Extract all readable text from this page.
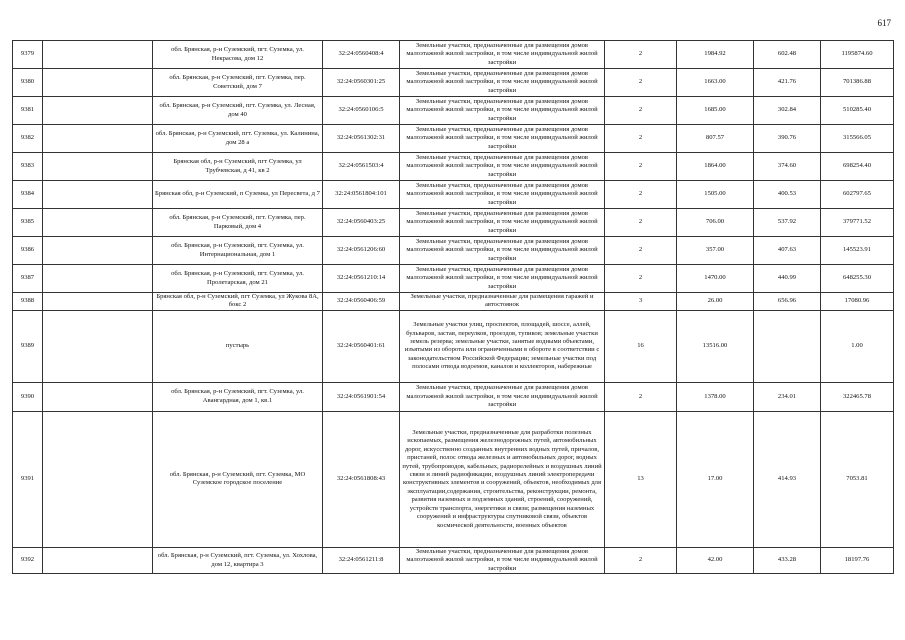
617
9379		обл. Брянская, р-н Суземский, пгт. Суземка, ул. Некрасова, дом 12	32:24:0560408:4	Земельные участки, предназначенные для размещения домов малоэтажной жилой застройки, в том числе индивидуальной жилой застройки	2	1984.92	602.48	1195874.60
9380		обл. Брянская, р-н Суземский, пгт. Суземка, пер. Советский, дом 7	32:24:0560301:25	Земельные участки, предназначенные для размещения домов малоэтажной жилой застройки, в том числе индивидуальной жилой застройки	2	1663.00	421.76	701386.88
9381		обл. Брянская, р-н Суземский, пгт. Суземка, ул. Лесная, дом 40	32:24:0560106:5	Земельные участки, предназначенные для размещения домов малоэтажной жилой застройки, в том числе индивидуальной жилой застройки	2	1685.00	302.84	510285.40
9382		обл. Брянская, р-н Суземский, пгт. Суземка, ул. Калинина, дом 28 а	32:24:0561302:31	Земельные участки, предназначенные для размещения домов малоэтажной жилой застройки, в том числе индивидуальной жилой застройки	2	807.57	390.76	315566.05
9383		Брянская обл, р-н Суземский, пгт Суземка, ул Трубчевская, д 41, кв 2	32:24:0561503:4	Земельные участки, предназначенные для размещения домов малоэтажной жилой застройки, в том числе индивидуальной жилой застройки	2	1864.00	374.60	698254.40
9384		Брянская обл, р-н Суземский, п Суземка, ул Пересвета, д 7	32:24:0561804:101	Земельные участки, предназначенные для размещения домов малоэтажной жилой застройки, в том числе индивидуальной жилой застройки	2	1505.00	400.53	602797.65
9385		обл. Брянская, р-н Суземский, пгт. Суземка, пер. Парковый, дом 4	32:24:0560403:25	Земельные участки, предназначенные для размещения домов малоэтажной жилой застройки, в том числе индивидуальной жилой застройки	2	706.00	537.92	379771.52
9386		обл. Брянская, р-н Суземский, пгт. Суземка, ул. Интернациональная, дом 1	32:24:0561206:60	Земельные участки, предназначенные для размещения домов малоэтажной жилой застройки, в том числе индивидуальной жилой застройки	2	357.00	407.63	145523.91
9387		обл. Брянская, р-н Суземский, пгт. Суземка, ул. Пролетарская, дом 21	32:24:0561210:14	Земельные участки, предназначенные для размещения домов малоэтажной жилой застройки, в том числе индивидуальной жилой застройки	2	1470.00	440.99	648255.30
9388		Брянская обл, р-н Суземский, пгт Суземка, ул Жукова 8А, бокс 2	32:24:0560406:59	Земельные участки, предназначенные для размещения гаражей и автостоянок	3	26.00	656.96	17080.96
9389		пустырь	32:24:0560401:61	Земельные участки улиц, проспектов, площадей, шоссе, аллей, бульваров, застав, переулков, проездов, тупиков; земельные участки земель резерва; земельные участки, занятые водными объектами, изъятыми из оборота или ограниченными в обороте в соответствии с законодательством Российской Федерации; земельные участки под полосами отвода водоемов, каналов и коллекторов, набережные	16	13516.00		1.00
9390		обл. Брянская, р-н Суземский, пгт. Суземка, ул. Авангардная, дом 1, кв.1	32:24:0561901:54	Земельные участки, предназначенные для размещения домов малоэтажной жилой застройки, в том числе индивидуальной жилой застройки	2	1378.00	234.01	322465.78
9391		обл. Брянская, р-н Суземский, пгт. Суземка, МО Суземское городское поселение	32:24:0561808:43	Земельные участки, предназначенные для разработки полезных ископаемых, размещения железнодорожных путей, автомобильных дорог, искусственно созданных внутренних водных путей, причалов, пристаней, полос отвода железных и автомобильных дорог, водных путей, трубопроводов, кабельных, радиорелейных и воздушных линий связи и линий радиофикации, воздушных линий электропередачи конструктивных элементов и сооружений, объектов, необходимых для эксплуатации,содержания, строительства, реконструкции, ремонта, развития наземных и подземных зданий, строений, сооружений, устройств транспорта, энергетики и связи; размещения наземных сооружений и инфраструктуры спутниковой связи, объектов космической деятельности, военных объектов	13	17.00	414.93	7053.81
9392		обл. Брянская, р-н Суземский, пгт. Суземка, ул. Хохлова, дом 12, квартира 3	32:24:0561211:8	Земельные участки, предназначенные для размещения домов малоэтажной жилой застройки, в том числе индивидуальной жилой застройки	2	42.00	433.28	18197.76
